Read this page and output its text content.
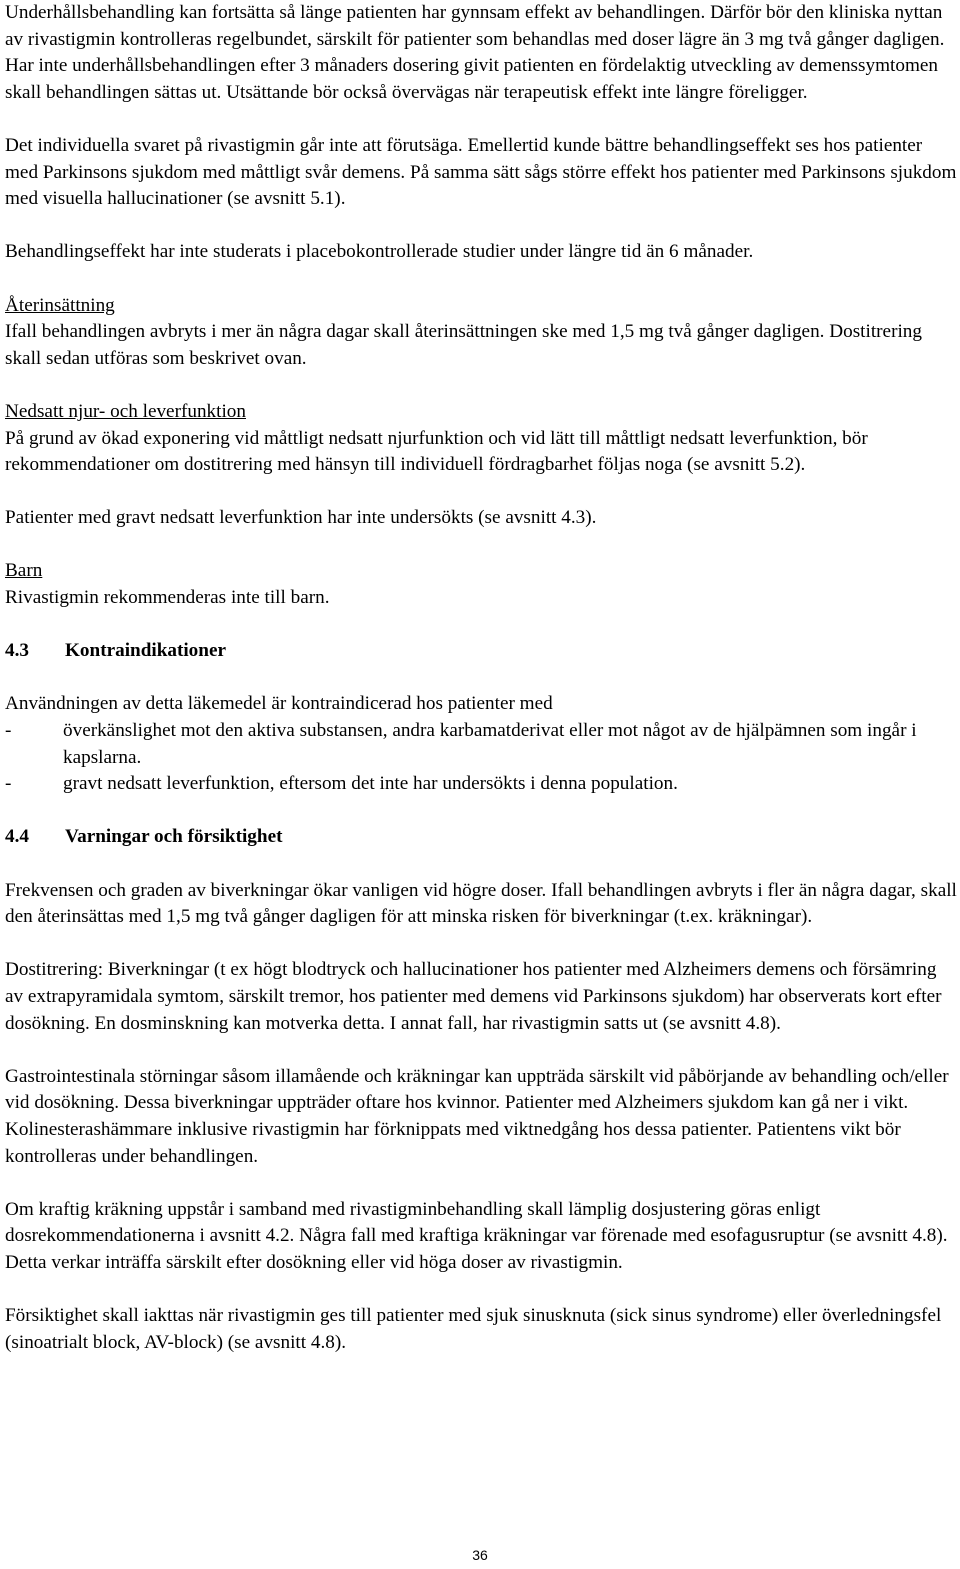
Underhållsbehandling kan fortsätta så länge patienten har gynnsam effekt av behandlingen. Därför bör den kliniska nyttan av rivastigmin kontrolleras regelbundet, särskilt för patienter som behandlas med doser lägre än 3 mg två gånger dagligen. Har inte underhållsbehandlingen efter 3 månaders dosering givit patienten en fördelaktig utveckling av demenssymtomen skall behandlingen sättas ut. Utsättande bör också övervägas när terapeutisk effekt inte längre föreligger.

Det individuella svaret på rivastigmin går inte att förutsäga. Emellertid kunde bättre behandlingseffekt ses hos patienter med Parkinsons sjukdom med måttligt svår demens. På samma sätt sågs större effekt hos patienter med Parkinsons sjukdom med visuella hallucinationer (se avsnitt 5.1).

Behandlingseffekt har inte studerats i placebokontrollerade studier under längre tid än 6 månader.

Återinsättning

Ifall behandlingen avbryts i mer än några dagar skall återinsättningen ske med 1,5 mg två gånger dagligen. Dostitrering skall sedan utföras som beskrivet ovan.

Nedsatt njur- och leverfunktion

På grund av ökad exponering vid måttligt nedsatt njurfunktion och vid lätt till måttligt nedsatt leverfunktion, bör rekommendationer om dostitrering med hänsyn till individuell fördragbarhet följas noga (se avsnitt 5.2).

Patienter med gravt nedsatt leverfunktion har inte undersökts (se avsnitt 4.3).

Barn

Rivastigmin rekommenderas inte till barn.

4.3	Kontraindikationer

Användningen av detta läkemedel är kontraindicerad hos patienter med

-	överkänslighet mot den aktiva substansen, andra karbamatderivat eller mot något av de hjälpämnen som ingår i kapslarna.
-	gravt nedsatt leverfunktion, eftersom det inte har undersökts i denna population.
4.4	Varningar och försiktighet

Frekvensen och graden av biverkningar ökar vanligen vid högre doser. Ifall behandlingen avbryts i fler än några dagar, skall den återinsättas med 1,5 mg två gånger dagligen för att minska risken för biverkningar (t.ex. kräkningar).

Dostitrering: Biverkningar (t ex högt blodtryck och hallucinationer hos patienter med Alzheimers demens och försämring av extrapyramidala symtom, särskilt tremor, hos patienter med demens vid Parkinsons sjukdom) har observerats kort efter dosökning. En dosminskning kan motverka detta. I annat fall, har rivastigmin satts ut (se avsnitt 4.8).

Gastrointestinala störningar såsom illamående och kräkningar kan uppträda särskilt vid påbörjande av behandling och/eller vid dosökning. Dessa biverkningar uppträder oftare hos kvinnor. Patienter med Alzheimers sjukdom kan gå ner i vikt. Kolinesterashämmare inklusive rivastigmin har förknippats med viktnedgång hos dessa patienter. Patientens vikt bör kontrolleras under behandlingen.

Om kraftig kräkning uppstår i samband med rivastigminbehandling skall lämplig dosjustering göras enligt dosrekommendationerna i avsnitt 4.2. Några fall med kraftiga kräkningar var förenade med esofagusruptur (se avsnitt 4.8). Detta verkar inträffa särskilt efter dosökning eller vid höga doser av rivastigmin.

Försiktighet skall iakttas när rivastigmin ges till patienter med sjuk sinusknuta (sick sinus syndrome) eller överledningsfel (sinoatrialt block, AV-block) (se avsnitt 4.8).

36
